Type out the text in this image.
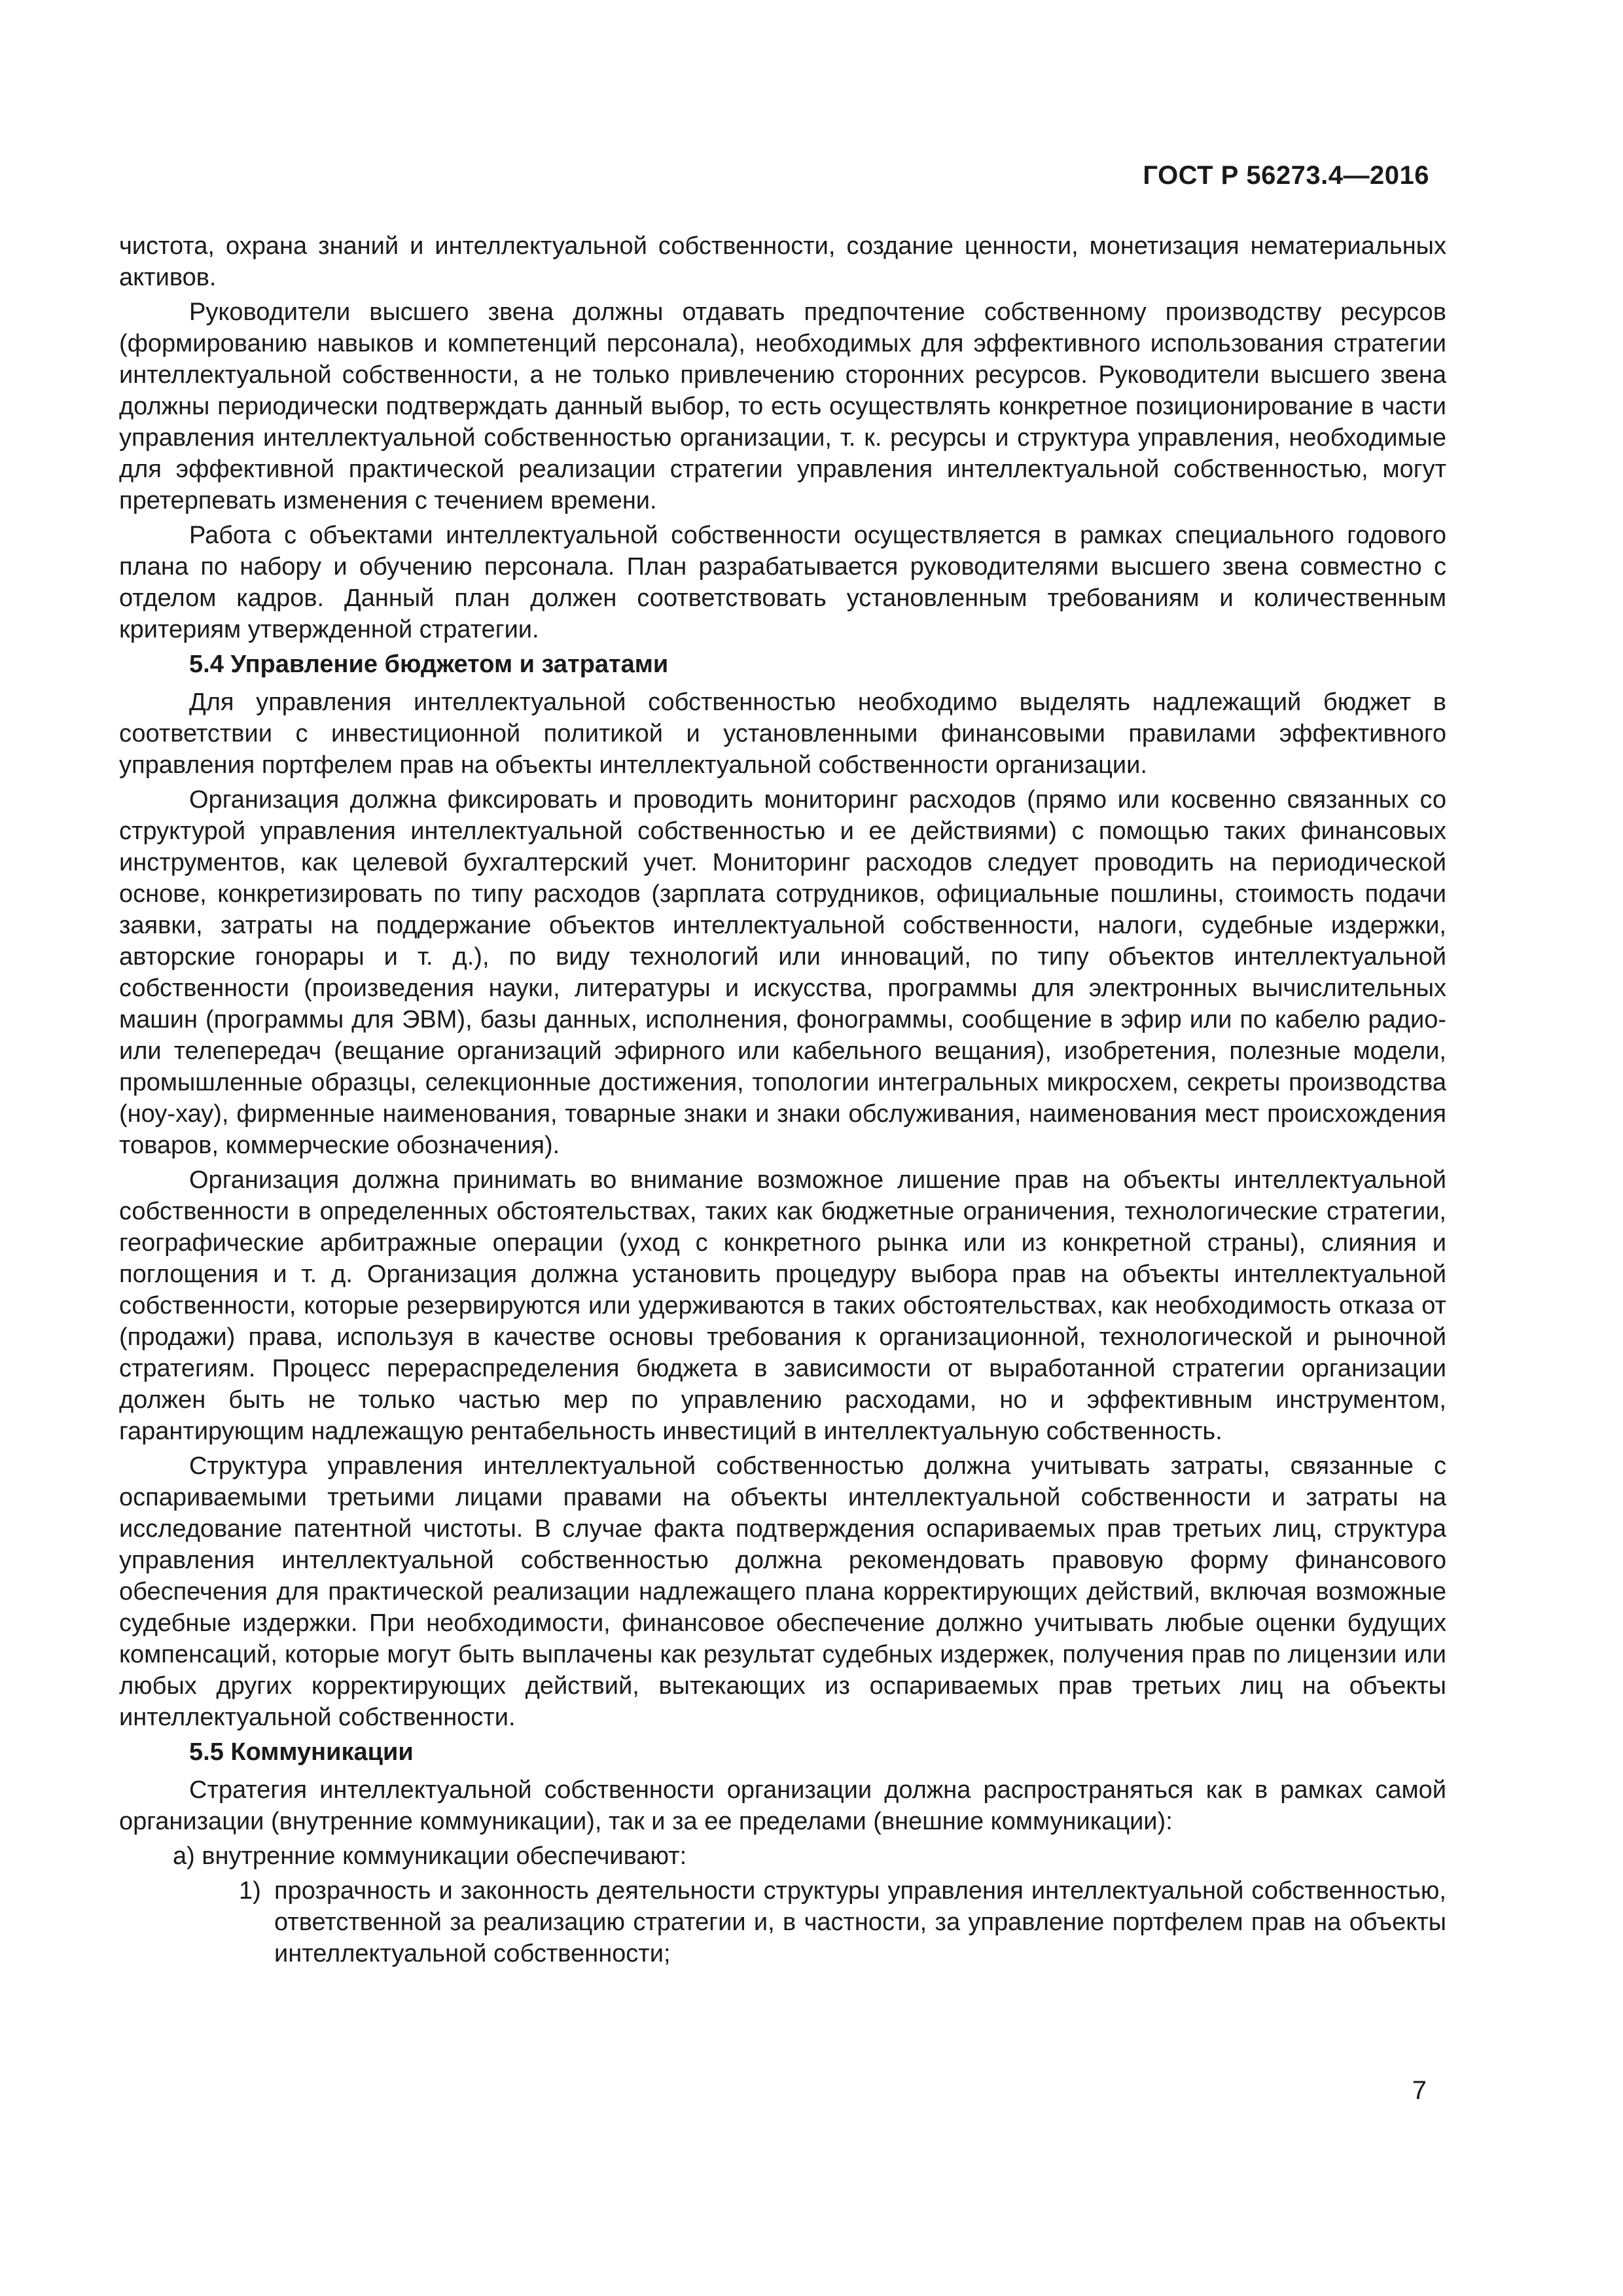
ГОСТ Р 56273.4—2016

чистота, охрана знаний и интеллектуальной собственности, создание ценности, монетизация нематериальных активов.

Руководители высшего звена должны отдавать предпочтение собственному производству ресурсов (формированию навыков и компетенций персонала), необходимых для эффективного использования стратегии интеллектуальной собственности, а не только привлечению сторонних ресурсов. Руководители высшего звена должны периодически подтверждать данный выбор, то есть осуществлять конкретное позиционирование в части управления интеллектуальной собственностью организации, т. к. ресурсы и структура управления, необходимые для эффективной практической реализации стратегии управления интеллектуальной собственностью, могут претерпевать изменения с течением времени.

Работа с объектами интеллектуальной собственности осуществляется в рамках специального годового плана по набору и обучению персонала. План разрабатывается руководителями высшего звена совместно с отделом кадров. Данный план должен соответствовать установленным требованиям и количественным критериям утвержденной стратегии.

5.4 Управление бюджетом и затратами

Для управления интеллектуальной собственностью необходимо выделять надлежащий бюджет в соответствии с инвестиционной политикой и установленными финансовыми правилами эффективного управления портфелем прав на объекты интеллектуальной собственности организации.

Организация должна фиксировать и проводить мониторинг расходов (прямо или косвенно связанных со структурой управления интеллектуальной собственностью и ее действиями) с помощью таких финансовых инструментов, как целевой бухгалтерский учет. Мониторинг расходов следует проводить на периодической основе, конкретизировать по типу расходов (зарплата сотрудников, официальные пошлины, стоимость подачи заявки, затраты на поддержание объектов интеллектуальной собственности, налоги, судебные издержки, авторские гонорары и т. д.), по виду технологий или инноваций, по типу объектов интеллектуальной собственности (произведения науки, литературы и искусства, программы для электронных вычислительных машин (программы для ЭВМ), базы данных, исполнения, фонограммы, сообщение в эфир или по кабелю радио- или телепередач (вещание организаций эфирного или кабельного вещания), изобретения, полезные модели, промышленные образцы, селекционные достижения, топологии интегральных микросхем, секреты производства (ноу-хау), фирменные наименования, товарные знаки и знаки обслуживания, наименования мест происхождения товаров, коммерческие обозначения).

Организация должна принимать во внимание возможное лишение прав на объекты интеллектуальной собственности в определенных обстоятельствах, таких как бюджетные ограничения, технологические стратегии, географические арбитражные операции (уход с конкретного рынка или из конкретной страны), слияния и поглощения и т. д. Организация должна установить процедуру выбора прав на объекты интеллектуальной собственности, которые резервируются или удерживаются в таких обстоятельствах, как необходимость отказа от (продажи) права, используя в качестве основы требования к организационной, технологической и рыночной стратегиям. Процесс перераспределения бюджета в зависимости от выработанной стратегии организации должен быть не только частью мер по управлению расходами, но и эффективным инструментом, гарантирующим надлежащую рентабельность инвестиций в интеллектуальную собственность.

Структура управления интеллектуальной собственностью должна учитывать затраты, связанные с оспариваемыми третьими лицами правами на объекты интеллектуальной собственности и затраты на исследование патентной чистоты. В случае факта подтверждения оспариваемых прав третьих лиц, структура управления интеллектуальной собственностью должна рекомендовать правовую форму финансового обеспечения для практической реализации надлежащего плана корректирующих действий, включая возможные судебные издержки. При необходимости, финансовое обеспечение должно учитывать любые оценки будущих компенсаций, которые могут быть выплачены как результат судебных издержек, получения прав по лицензии или любых других корректирующих действий, вытекающих из оспариваемых прав третьих лиц на объекты интеллектуальной собственности.

5.5 Коммуникации

Стратегия интеллектуальной собственности организации должна распространяться как в рамках самой организации (внутренние коммуникации), так и за ее пределами (внешние коммуникации):

а) внутренние коммуникации обеспечивают:
1) прозрачность и законность деятельности структуры управления интеллектуальной собственностью, ответственной за реализацию стратегии и, в частности, за управление портфелем прав на объекты интеллектуальной собственности;
7
